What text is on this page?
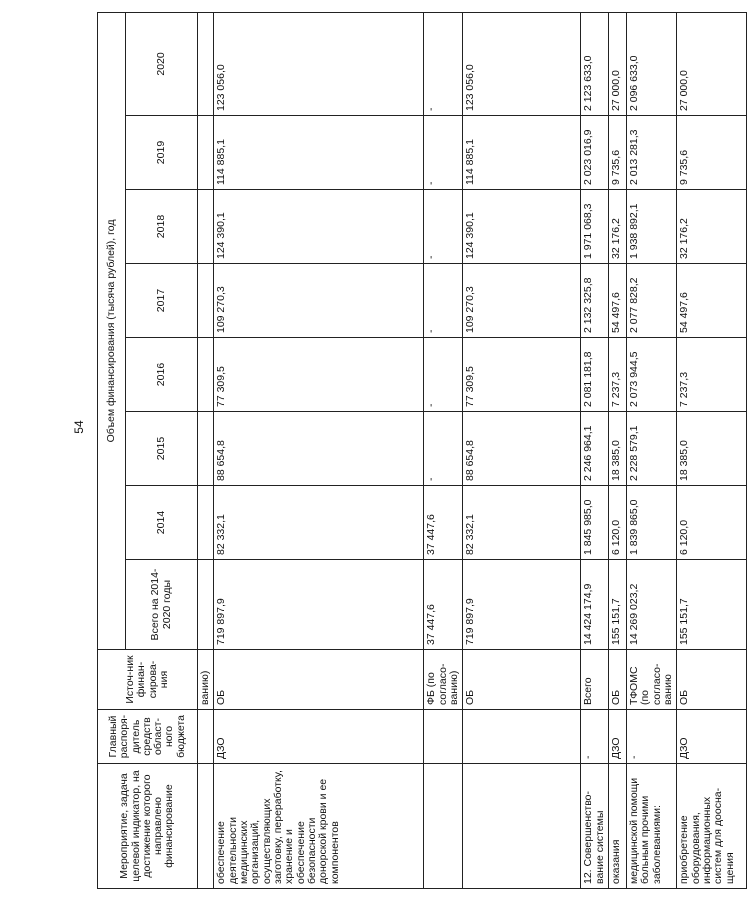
54
Мероприятие, задача целевой индикатор, на достижение которого направлено финансирование	Главный распоря-дитель средств област-ного бюджета	Источ-ник финан-сирова-ния	Объем финансирования (тысяча рублей), год							
			Всего на 2014-2020 годы	2014	2015	2016	2017	2018	2019	2020
		ванию)								
обеспечение деятельности медицинских организаций, осуществляющих заготовку, переработку, хранение и обеспечение безопасности донорской крови и ее компонентов	ДЗО	ОБ	719 897,9	82 332,1	88 654,8	77 309,5	109 270,3	124 390,1	114 885,1	123 056,0
		ФБ (по согласо-ванию)	37 447,6	37 447,6	-	-	-	-	-	-
		ОБ	719 897,9	82 332,1	88 654,8	77 309,5	109 270,3	124 390,1	114 885,1	123 056,0
12. Совершенство-вание системы	-	Всего	14 424 174,9	1 845 985,0	2 246 964,1	2 081 181,8	2 132 325,8	1 971 068,3	2 023 016,9	2 123 633,0
оказания	ДЗО	ОБ	155 151,7	6 120,0	18 385,0	7 237,3	54 497,6	32 176,2	9 735,6	27 000,0
медицинской помощи больным прочими заболеваниями:	-	ТФОМС (по согласо-ванию	14 269 023,2	1 839 865,0	2 228 579,1	2 073 944,5	2 077 828,2	1 938 892,1	2 013 281,3	2 096 633,0
приобретение оборудования, информационных систем для дооснащения	ДЗО	ОБ	155 151,7	6 120,0	18 385,0	7 237,3	54 497,6	32 176,2	9 735,6	27 000,0
